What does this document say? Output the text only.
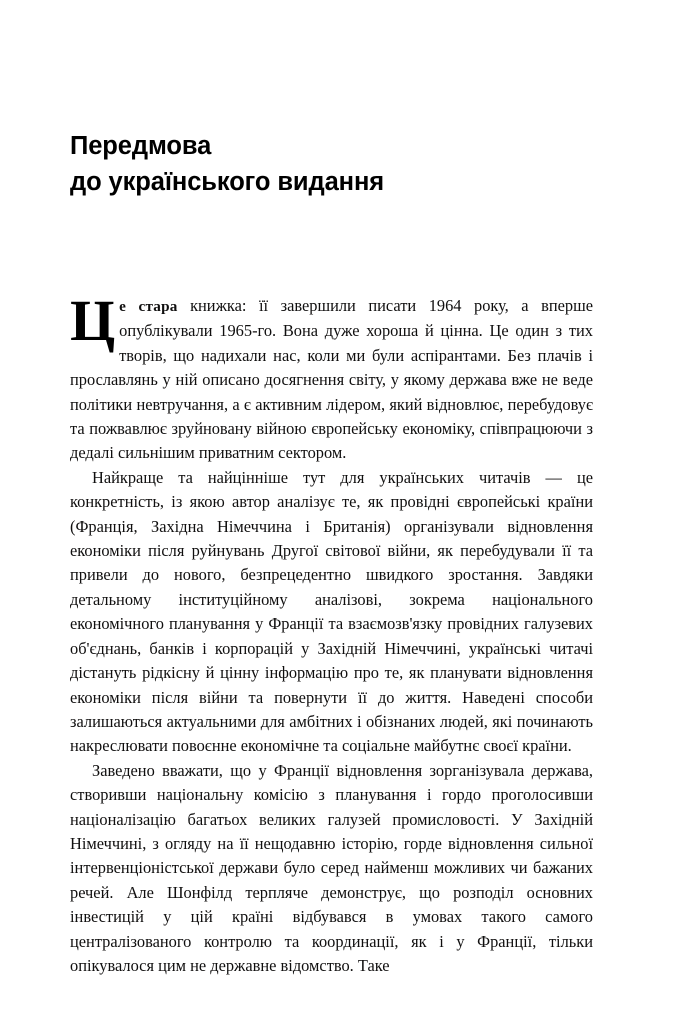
Передмова
до українського видання

Це стара книжка: її завершили писати 1964 року, а вперше опублікували 1965-го. Вона дуже хороша й цінна. Це один з тих творів, що надихали нас, коли ми були аспірантами. Без плачів і прославлянь у ній описано досягнення світу, у якому держава вже не веде політики невтручання, а є активним лідером, який відновлює, перебудовує та пожвавлює зруйновану війною європейську економіку, співпрацюючи з дедалі сильнішим приватним сектором.

Найкраще та найцінніше тут для українських читачів — це конкретність, із якою автор аналізує те, як провідні європейські країни (Франція, Західна Німеччина і Британія) організували відновлення економіки після руйнувань Другої світової війни, як перебудували її та привели до нового, безпрецедентно швидкого зростання. Завдяки детальному інституційному аналізові, зокрема національного економічного планування у Франції та взаємозв'язку провідних галузевих об'єднань, банків і корпорацій у Західній Німеччині, українські читачі дістануть рідкісну й цінну інформацію про те, як планувати відновлення економіки після війни та повернути її до життя. Наведені способи залишаються актуальними для амбітних і обізнаних людей, які починають накреслювати повоєнне економічне та соціальне майбутнє своєї країни.

Заведено вважати, що у Франції відновлення зорганізувала держава, створивши національну комісію з планування і гордо проголосивши націоналізацію багатьох великих галузей промисловості. У Західній Німеччині, з огляду на її нещодавню історію, горде відновлення сильної інтервенціоністської держави було серед найменш можливих чи бажаних речей. Але Шонфілд терпляче демонструє, що розподіл основних інвестицій у цій країні відбувався в умовах такого самого централізованого контролю та координації, як і у Франції, тільки опікувалося цим не державне відомство. Таке
